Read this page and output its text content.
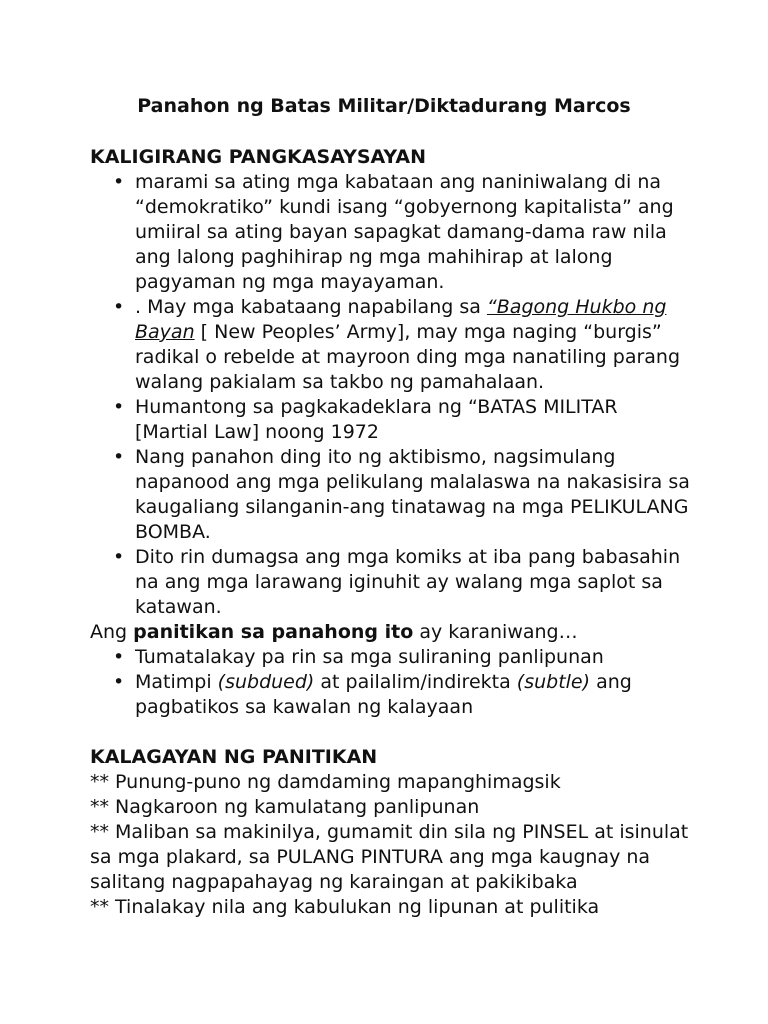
Panahon ng Batas Militar/Diktadurang Marcos
KALIGIRANG PANGKASAYSAYAN
• marami sa ating mga kabataan ang naniniwalang di na “demokratiko” kundi isang “gobyernong kapitalista” ang umiiral sa ating bayan sapagkat damang-dama raw nila ang lalong paghihirap ng mga mahihirap at lalong pagyaman ng mga mayayaman.
• . May mga kabataang napabilang sa “Bagong Hukbo ng Bayan [ New Peoples’ Army], may mga naging “burgis” radikal o rebelde at mayroon ding mga nanatiling parang walang pakialam sa takbo ng pamahalaan.
• Humantong sa pagkakadeklara ng “BATAS MILITAR [Martial Law] noong 1972
• Nang panahon ding ito ng aktibismo, nagsimulang napanood ang mga pelikulang malalaswa na nakasisira sa kaugaliang silanganin-ang tinatawag na mga PELIKULANG BOMBA.
• Dito rin dumagsa ang mga komiks at iba pang babasahin na ang mga larawang iginuhit ay walang mga saplot sa katawan.
Ang panitikan sa panahong ito ay karaniwang…
• Tumatalakay pa rin sa mga suliraning panlipunan
• Matimpi (subdued) at pailalim/indirekta (subtle) ang pagbatikos sa kawalan ng kalayaan
KALAGAYAN NG PANITIKAN
** Punung-puno ng damdaming mapanghimagsik
** Nagkaroon ng kamulatang panlipunan
** Maliban sa makinilya, gumamit din sila ng PINSEL at isinulat sa mga plakard, sa PULANG PINTURA ang mga kaugnay na salitang nagpapahayag ng karaingan at pakikibaka
** Tinalakay nila ang kabulukan ng lipunan at pulitika
